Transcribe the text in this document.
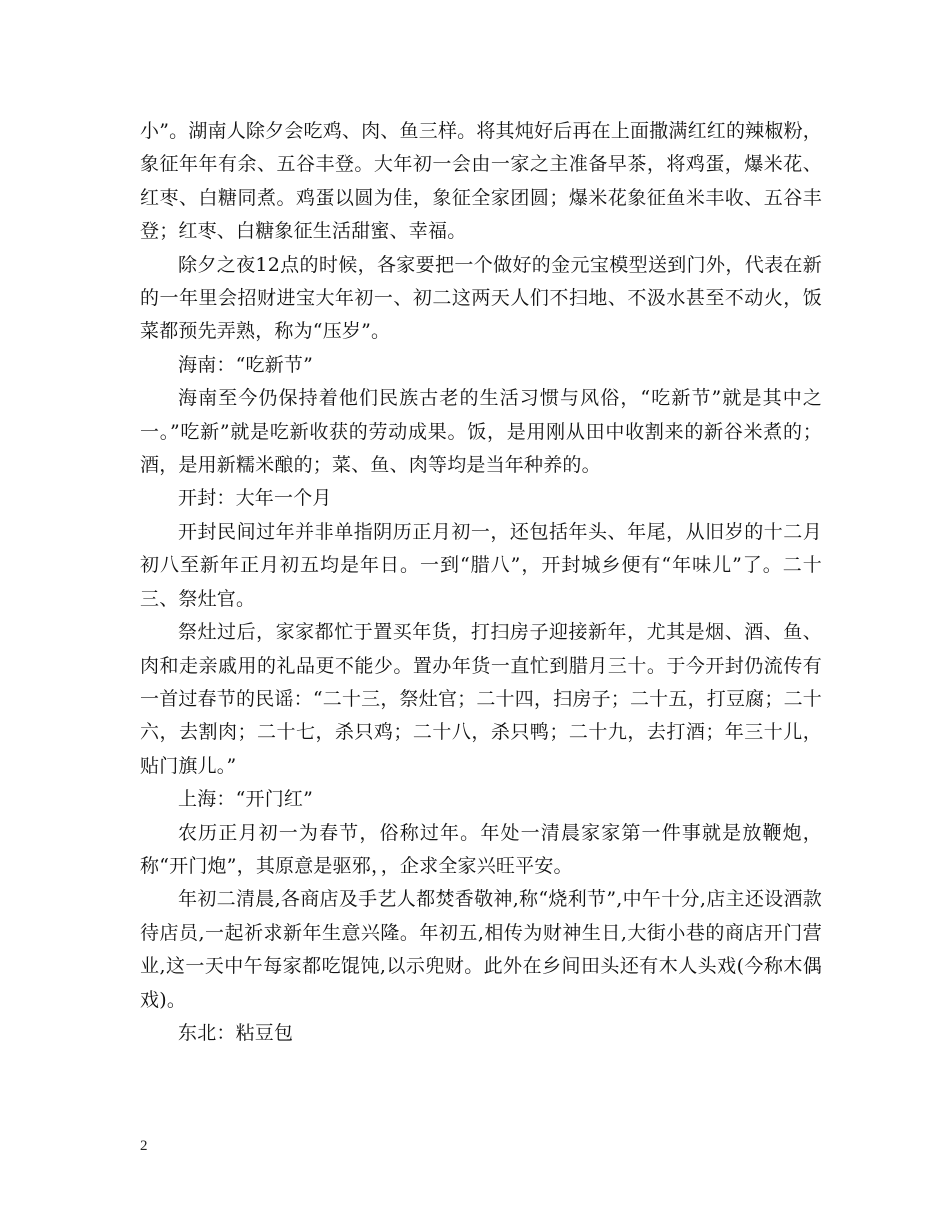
小”。湖南人除夕会吃鸡、肉、鱼三样。将其炖好后再在上面撒满红红的辣椒粉，象征年年有余、五谷丰登。大年初一会由一家之主准备早茶，将鸡蛋，爆米花、红枣、白糖同煮。鸡蛋以圆为佳，象征全家团圆；爆米花象征鱼米丰收、五谷丰登；红枣、白糖象征生活甜蜜、幸福。

除夕之夜12点的时候，各家要把一个做好的金元宝模型送到门外，代表在新的一年里会招财进宝大年初一、初二这两天人们不扫地、不汲水甚至不动火，饭菜都预先弄熟，称为“压岁”。

海南：“吃新节”

海南至今仍保持着他们民族古老的生活习惯与风俗，“吃新节”就是其中之一。”吃新”就是吃新收获的劳动成果。饭，是用刚从田中收割来的新谷米煮的；酒，是用新糯米酿的；菜、鱼、肉等均是当年种养的。

开封：大年一个月

开封民间过年并非单指阴历正月初一，还包括年头、年尾，从旧岁的十二月初八至新年正月初五均是年日。一到“腊八”，开封城乡便有“年味儿”了。二十三、祭灶官。

祭灶过后，家家都忙于置买年货，打扫房子迎接新年，尤其是烟、酒、鱼、肉和走亲戚用的礼品更不能少。置办年货一直忙到腊月三十。于今开封仍流传有一首过春节的民谣：“二十三，祭灶官；二十四，扫房子；二十五，打豆腐；二十六，去割肉；二十七，杀只鸡；二十八，杀只鸭；二十九，去打酒；年三十儿，贴门旗儿。”

上海：“开门红”

农历正月初一为春节，俗称过年。年处一清晨家家第一件事就是放鞭炮，称“开门炮”，其原意是驱邪，，企求全家兴旺平安。

年初二清晨,各商店及手艺人都焚香敬神,称“烧利节”,中午十分,店主还设酒款待店员,一起祈求新年生意兴隆。年初五,相传为财神生日,大街小巷的商店开门营业,这一天中午每家都吃馄饨,以示兜财。此外在乡间田头还有木人头戏(今称木偶戏)。

东北：粘豆包

2
